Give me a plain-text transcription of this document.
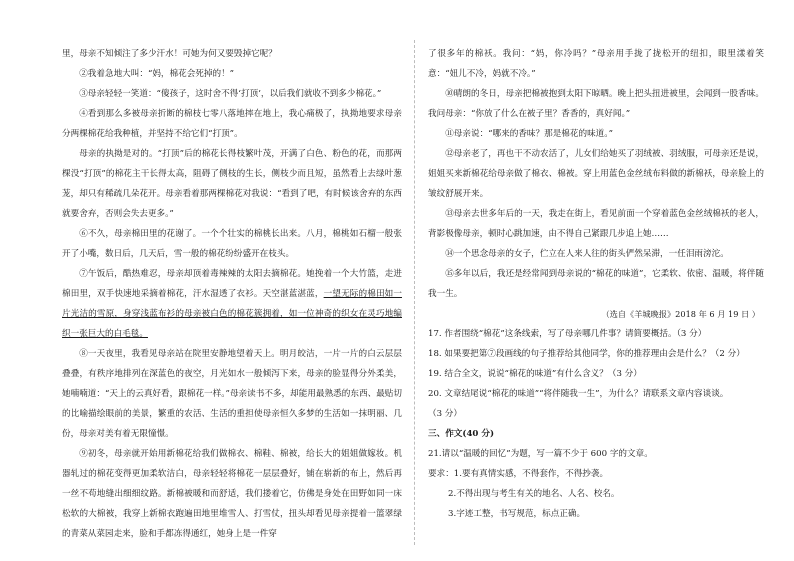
里，母亲不知倾注了多少汗水！可她为何又要毁掉它呢？

②我着急地大叫：“妈，棉花会死掉的！”

③母亲轻轻一笑道：“傻孩子，这时舍不得‘打顶’，以后我们就收不到多少棉花。”

④看到那么多被母亲折断的棉枝七零八落地摔在地上，我心痛极了，执拗地要求母亲分两棵棉花给我种植，并坚持不给它们“打顶”。

母亲的执拗是对的。“打顶”后的棉花长得枝繁叶茂，开满了白色、粉色的花，而那两棵没“打顶”的棉花主干长得太高，阻碍了侧枝的生长，侧枝少而且短，虽然看上去绿叶葱茏，却只有稀疏几朵花开。母亲看着那两棵棉花对我说：“看到了吧，有时候该舍弃的东西就要舍弃，否则会失去更多。”

⑥不久，母亲棉田里的花谢了。一个个壮实的棉桃长出来。八月，棉桃如石榴一般张开了小嘴，数日后，几天后，雪一般的棉花纷纷盛开在枝头。

⑦午饭后，酷热难忍，母亲却顶着毒辣辣的太阳去摘棉花。她挽着一个大竹篮，走进棉田里，双手快速地采摘着棉花，汗水湿透了衣衫。天空湛蓝湛蓝，一望无际的棉田如一片光洁的雪原，身穿浅蓝布衫的母亲被白色的棉花簇拥着，如一位神奇的织女在灵巧地编织一张巨大的白毛毯。

⑧一天夜里，我看见母亲站在院里安静地望着天上。明月皎洁，一片一片的白云层层叠叠，有秩序地排列在深蓝色的夜空，月光如水一般倾泻下来，母亲的脸显得分外柔美，她喃喃道：“天上的云真好看，跟棉花一样。”母亲读书不多，却能用最熟悉的东西、最贴切的比喻描绘眼前的美景，繁重的农活、生活的重担使母亲恒久多梦的生活如一抹明丽、几份，母亲对美有着无限憧憬。

⑨初冬，母亲就开始用新棉花给我们做棉衣、棉鞋、棉被，给长大的姐姐做嫁妆。机器轧过的棉花变得更加柔软洁白，母亲轻轻将棉花一层层叠好，铺在崭新的布上，然后再一丝不苟地缝出细细纹路。新棉被暖和而舒适，我们搂着它，仿佛是身处在田野如同一床松软的大棉被，我穿上新棉衣跑遍田地里堆雪人、打雪仗，扭头却看见母亲提着一篮翠绿的青菜从菜园走来，脸和手都冻得通红，她身上是一件穿

了很多年的棉袄。我问：“妈，你冷吗？”母亲用手拢了拢松开的纽扣，眼里漾着笑意：“妞儿不冷，妈就不冷。”

⑩晴朗的冬日，母亲把棉被抱到太阳下晾晒。晚上把头扭进被里，会闻到一股香味。我问母亲：“你放了什么在被子里？香香的，真好闻。”

⑪母亲说：“哪来的香味？那是棉花的味道。”

⑫母亲老了，再也干不动农活了，儿女们给她买了羽绒被、羽绒服，可母亲还是说，姐姐买来新棉花给母亲做了棉衣、棉被。穿上用蓝色金丝绒布料做的新棉袄，母亲脸上的皱纹舒展开来。

⑬母亲去世多年后的一天，我走在街上，看见前面一个穿着蓝色金丝绒棉袄的老人，背影极像母亲，顿时心跳加速，由不得自己紧跟几步追上她……

⑭一个思念母亲的女子，伫立在人来人往的街头俨然呆滞，一任泪雨滂沱。

⑮多年以后，我还是经常闻到母亲说的“棉花的味道”，它柔软、依密、温暖，将伴随我一生。

（选自《羊城晚报》2018 年 6 月 19 日 ）

17. 作者围绕“棉花”这条线索，写了母亲哪几件事？请简要概括。（3 分）

18. 如果要把第⑦段画线的句子推荐给其他同学，你的推荐理由会是什么？（2 分）

19. 结合全文，说说“棉花的味道”有什么含义？（3 分）

20. 文章结尾说“棉花的味道”“将伴随我一生”，为什么？请联系文章内容谈谈。

（3 分）

三、作文(40 分)

21.请以“温暖的回忆”为题，写一篇不少于 600 字的文章。

要求：1.要有真情实感，不得套作，不得抄袭。

2.不得出现与考生有关的地名、人名、校名。

3.字迹工整，书写规范，标点正确。
